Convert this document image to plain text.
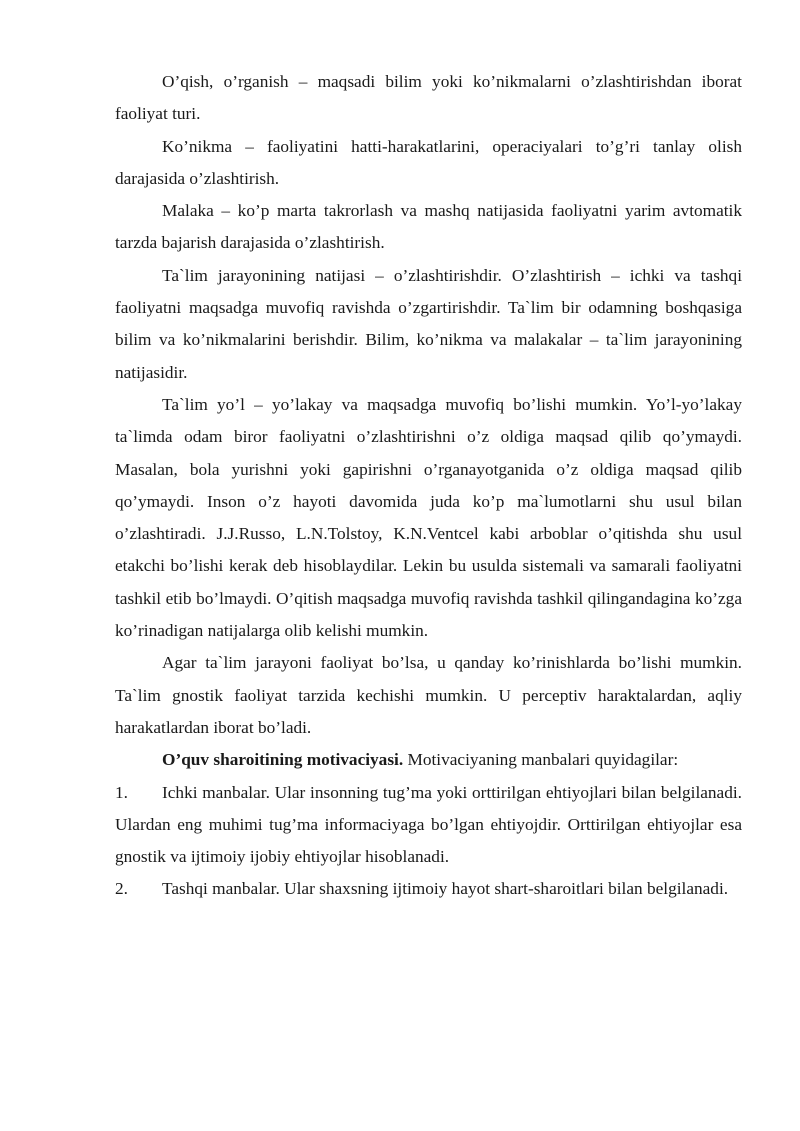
O’qish, o’rganish – maqsadi bilim yoki ko’nikmalarni o’zlashtirishdan iborat faoliyat turi.

Ko’nikma – faoliyatini hatti-harakatlarini, operaciyalari to’g’ri tanlay olish darajasida o’zlashtirish.

Malaka – ko’p marta takrorlash va mashq natijasida faoliyatni yarim avtomatik tarzda bajarish darajasida o’zlashtirish.

Ta`lim jarayonining natijasi – o’zlashtirishdir. O’zlashtirish – ichki va tashqi faoliyatni maqsadga muvofiq ravishda o’zgartirishdir. Ta`lim bir odamning boshqasiga bilim va ko’nikmalarini berishdir. Bilim, ko’nikma va malakalar – ta`lim jarayonining natijasidir.

Ta`lim yo’l – yo’lakay va maqsadga muvofiq bo’lishi mumkin. Yo’l-yo’lakay ta`limda odam biror faoliyatni o’zlashtirishni o’z oldiga maqsad qilib qo’ymaydi. Masalan, bola yurishni yoki gapirishni o’rganayotganida o’z oldiga maqsad qilib qo’ymaydi. Inson o’z hayoti davomida juda ko’p ma`lumotlarni shu usul bilan o’zlashtiradi. J.J.Russo, L.N.Tolstoy, K.N.Ventcel kabi arboblar o’qitishda shu usul etakchi bo’lishi kerak deb hisoblaydilar. Lekin bu usulda sistemali va samarali faoliyatni tashkil etib bo’lmaydi. O’qitish maqsadga muvofiq ravishda tashkil qilingandagina ko’zga ko’rinadigan natijalarga olib kelishi mumkin.

Agar ta`lim jarayoni faoliyat bo’lsa, u qanday ko’rinishlarda bo’lishi mumkin. Ta`lim gnostik faoliyat tarzida kechishi mumkin. U perceptiv haraktalardan, aqliy harakatlardan iborat bo’ladi.

O’quv sharoitining motivaciyasi. Motivaciyaning manbalari quyidagilar:

1. Ichki manbalar. Ular insonning tug’ma yoki orttirilgan ehtiyojlari bilan belgilanadi. Ulardan eng muhimi tug’ma informaciyaga bo’lgan ehtiyojdir. Orttirilgan ehtiyojlar esa gnostik va ijtimoiy ijobiy ehtiyojlar hisoblanadi.

2. Tashqi manbalar. Ular shaxsning ijtimoiy hayot shart-sharoitlari bilan belgilanadi.
